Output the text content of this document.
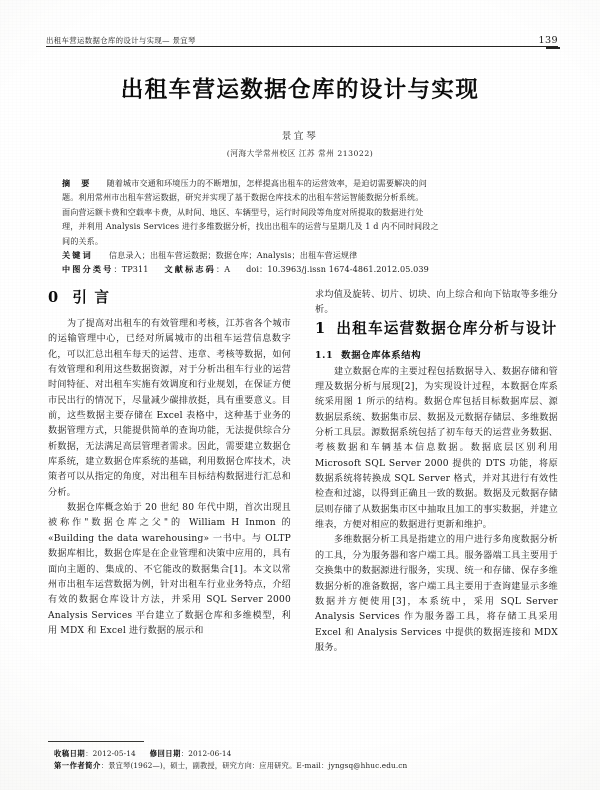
出租车营运数据仓库的设计与实现— 景宜琴	139
出租车营运数据仓库的设计与实现
景宜琴
(河海大学常州校区 江苏 常州 213022)
摘 要 随着城市交通和环境压力的不断增加，怎样提高出租车的运营效率，是迫切需要解决的问
题。利用常州市出租车营运数据，研究并实现了基于数据仓库技术的出租车营运智能数据分析系统。
面向营运额卡费和空载率卡费，从时间、地区、车辆型号，运行时间段等角度对所提取的数据进行处
理，并利用 Analysis Services 进行多维数据分析，找出出租车的运营与星期几及 1 d 内不同时间段之
间的关系。
关键词 信息录入；出租车营运数据；数据仓库；Analysis；出租车营运规律
中图分类号：TP311 文献标志码：A doi：10.3963/j.issn 1674-4861.2012.05.039
0 引 言

为了提高对出租车的有效管理和考核，江苏省各个城市的运输管理中心，已经对所属城市的出租车运营信息数字化，可以汇总出租车每天的运营、违章、考核等数据，如何有效管理和利用这些数据资源，对于分析出租车行业的运营时间特征、对出租车实施有效调度和行业规划，在保证方便市民出行的情况下，尽量减少碳排放挺，具有重要意义。目前，这些数据主要存储在 Excel 表格中，这种基于业务的数据管理方式，只能提供简单的查询功能，无法提供综合分析数据，无法满足高层管理者需求。因此，需要建立数据仓库系统，建立数据仓库系统的基础，利用数据仓库技术，决策者可以从指定的角度，对出租车目标结构数据进行汇总和分析。

数据仓库概念始于 20 世纪 80 年代中期，首次出现且被称作"数据仓库之父"的 William H Inmon 的 «Building the data warehousing» 一书中。与 OLTP 数据库相比，数据仓库是在企业管理和决策中应用的，具有面向主题的、集成的、不它能改的数据集合[1]。本文以常州市出租车运营数据为例，针对出租车行业业务特点，介绍有效的数据仓库设计方法，并采用 SQL Server 2000 Analysis Services 平台建立了数据仓库和多维模型，利用 MDX 和 Excel 进行数据的展示和

求均值及旋转、切片、切块、向上综合和向下钻取等多维分析。

1 出租车运营数据仓库分析与设计
1.1 数据仓库体系结构

建立数据仓库的主要过程包括数据导入、数据存储和管理及数据分析与展现[2]，为实现设计过程，本数据仓库系统采用图 1 所示的结构。数据仓库包括目标数据库层、源数据层系统、数据集市层、数据及元数据存储层、多维数据分析工具层。源数据系统包括了初车每天的运营业务数据、考核数据和车辆基本信息数据。数据底层区别利用 Microsoft SQL Server 2000 提供的 DTS 功能，将原数据系统将转换成 SQL Server 格式，并对其进行有效性检查和过滤，以得到正确且一致的数据。数据及元数据存储层则存储了从数据集市区中抽取且加工的事实数据，并建立维表，方便对相应的数据进行更新和维护。

多维数据分析工具是指建立的用户进行多角度数据分析的工具，分为服务器和客户端工具。服务器端工具主要用于交换集中的数据源进行服务，实现、统一和存储、保存多维数据分析的准备数据，客户端工具主要用于查询建显示多维数据并方便使用[3]，本系统中，采用 SQL Server Analysis Services 作为服务器工具，将存储工具采用 Excel 和 Analysis Services 中提供的数据连接和 MDX 服务。

收稿日期：2012-05-14 修回日期：2012-06-14
第一作者简介：景宜琴(1962—)，硕士，副教授，研究方向：应用研究。E-mail：jyngsq@hhuc.edu.cn
